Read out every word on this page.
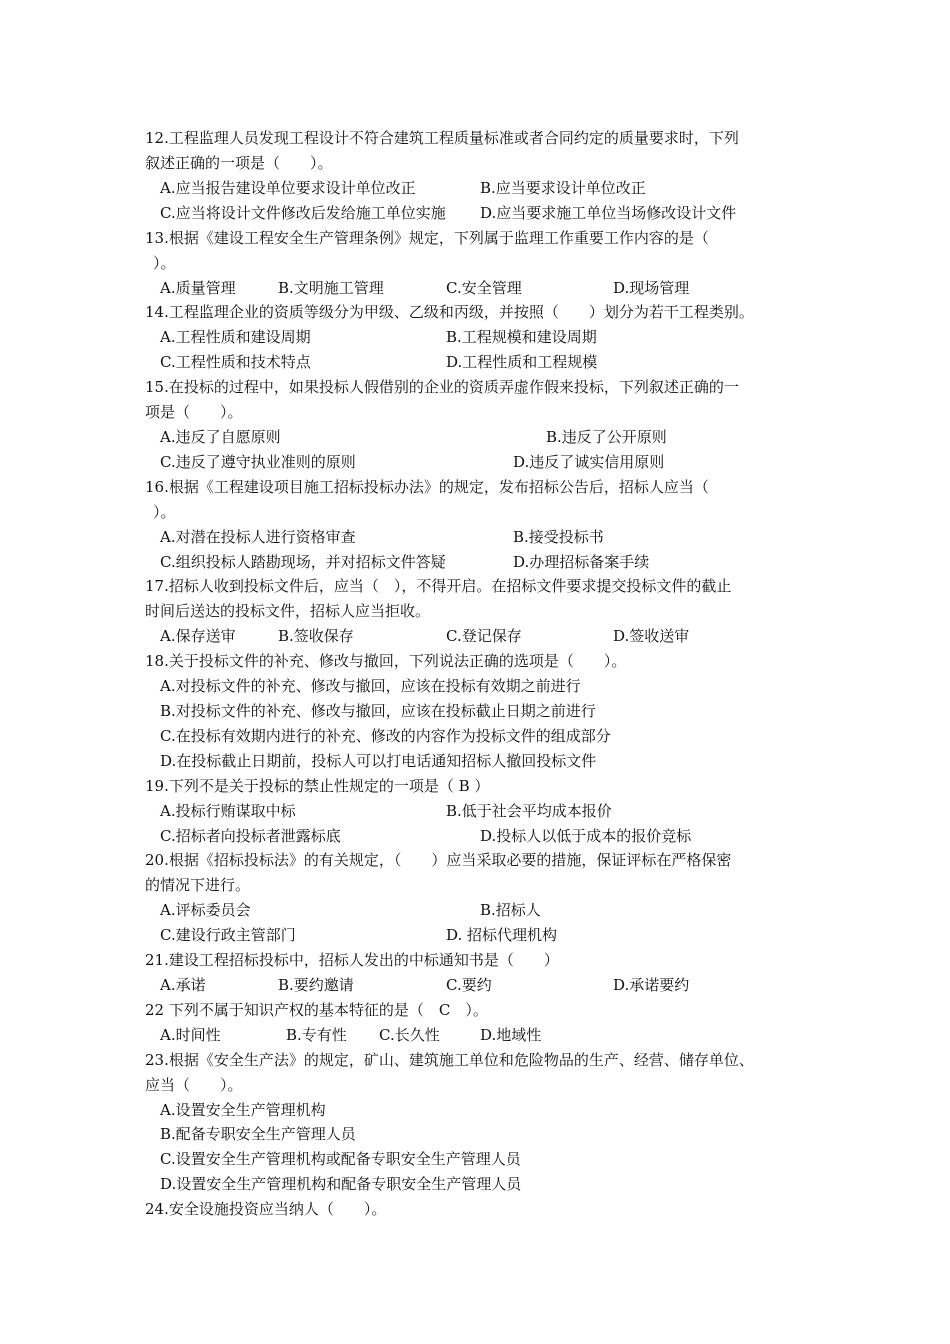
12.工程监理人员发现工程设计不符合建筑工程质量标准或者合同约定的质量要求时，下列
叙述正确的一项是（　　）。
A.应当报告建设单位要求设计单位改正	B.应当要求设计单位改正
C.应当将设计文件修改后发给施工单位实施 D.应当要求施工单位当场修改设计文件
13.根据《建设工程安全生产管理条例》规定，下列属于监理工作重要工作内容的是（
）。
A.质量管理	B.文明施工管理	C.安全管理	D.现场管理
14.工程监理企业的资质等级分为甲级、乙级和丙级，并按照（　　）划分为若干工程类别。
A.工程性质和建设周期	B.工程规模和建设周期
C.工程性质和技术特点	D.工程性质和工程规模
15.在投标的过程中，如果投标人假借别的企业的资质弄虚作假来投标，下列叙述正确的一
项是（　　）。
A.违反了自愿原则	B.违反了公开原则
C.违反了遵守执业准则的原则	D.违反了诚实信用原则
16.根据《工程建设项目施工招标投标办法》的规定，发布招标公告后，招标人应当（
）。
A.对潜在投标人进行资格审查	B.接受投标书
C.组织投标人踏勘现场，并对招标文件答疑	D.办理招标备案手续
17.招标人收到投标文件后，应当（　），不得开启。在招标文件要求提交投标文件的截止
时间后送达的投标文件，招标人应当拒收。
A.保存送审	B.签收保存	C.登记保存	D.签收送审
18.关于投标文件的补充、修改与撤回，下列说法正确的选项是（　　）。
A.对投标文件的补充、修改与撤回，应该在投标有效期之前进行
B.对投标文件的补充、修改与撤回，应该在投标截止日期之前进行
C.在投标有效期内进行的补充、修改的内容作为投标文件的组成部分
D.在投标截止日期前，投标人可以打电话通知招标人撤回投标文件
19.下列不是关于投标的禁止性规定的一项是（ B ）
A.投标行贿谋取中标	B.低于社会平均成本报价
C.招标者向投标者泄露标底	D.投标人以低于成本的报价竞标
20.根据《招标投标法》的有关规定，（　　）应当采取必要的措施，保证评标在严格保密
的情况下进行。
A.评标委员会	B.招标人
C.建设行政主管部门	D. 招标代理机构
21.建设工程招标投标中，招标人发出的中标通知书是（　　）
A.承诺	B.要约邀请	C.要约	D.承诺要约
22 下列不属于知识产权的基本特征的是（　C　）。
A.时间性	B.专有性 C.长久性	D.地域性
23.根据《安全生产法》的规定，矿山、建筑施工单位和危险物品的生产、经营、储存单位、
应当（　　）。
A.设置安全生产管理机构
B.配备专职安全生产管理人员
C.设置安全生产管理机构或配备专职安全生产管理人员
D.设置安全生产管理机构和配备专职安全生产管理人员
24.安全设施投资应当纳人（　　）。
